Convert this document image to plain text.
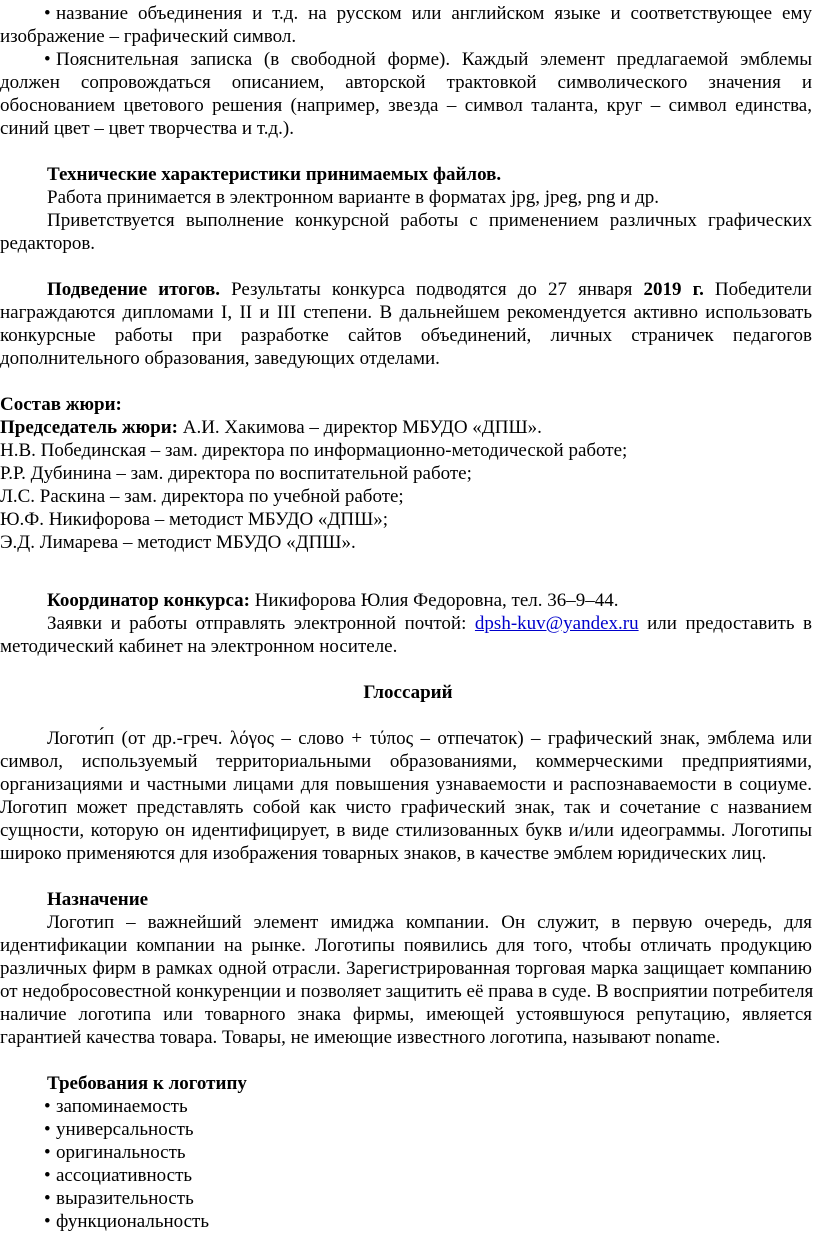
• название объединения и т.д. на русском или английском языке и соответствующее ему
изображение – графический символ.
• Пояснительная записка (в свободной форме). Каждый элемент предлагаемой эмблемы
должен сопровождаться описанием, авторской трактовкой символического значения и
обоснованием цветового решения (например, звезда – символ таланта, круг – символ единства,
синий цвет – цвет творчества и т.д.).
Технические характеристики принимаемых файлов.
Работа принимается в электронном варианте в форматах jpg, jpeg, png и др.
Приветствуется выполнение конкурсной работы с применением различных графических
редакторов.
Подведение итогов. Результаты конкурса подводятся до 27 января 2019 г. Победители
награждаются дипломами I, II и III степени. В дальнейшем рекомендуется активно использовать
конкурсные работы при разработке сайтов объединений, личных страничек педагогов
дополнительного образования, заведующих отделами.
Состав жюри:
Председатель жюри: А.И. Хакимова – директор МБУДО «ДПШ».
Н.В. Побединская – зам. директора по информационно-методической работе;
Р.Р. Дубинина – зам. директора по воспитательной работе;
Л.С. Раскина – зам. директора по учебной работе;
Ю.Ф. Никифорова – методист МБУДО «ДПШ»;
Э.Д. Лимарева – методист МБУДО «ДПШ».
Координатор конкурса: Никифорова Юлия Федоровна, тел. 36–9–44.
Заявки и работы отправлять электронной почтой: dpsh-kuv@yandex.ru или предоставить в
методический кабинет на электронном носителе.
Глоссарий
Логоти́п (от др.-греч. λόγος – слово + τύπος – отпечаток) – графический знак, эмблема или
символ, используемый территориальными образованиями, коммерческими предприятиями,
организациями и частными лицами для повышения узнаваемости и распознаваемости в социуме.
Логотип может представлять собой как чисто графический знак, так и сочетание с названием
сущности, которую он идентифицирует, в виде стилизованных букв и/или идеограммы. Логотипы
широко применяются для изображения товарных знаков, в качестве эмблем юридических лиц.
Назначение
Логотип – важнейший элемент имиджа компании. Он служит, в первую очередь, для
идентификации компании на рынке. Логотипы появились для того, чтобы отличать продукцию
различных фирм в рамках одной отрасли. Зарегистрированная торговая марка защищает компанию
от недобросовестной конкуренции и позволяет защитить её права в суде. В восприятии потребителя
наличие логотипа или товарного знака фирмы, имеющей устоявшуюся репутацию, является
гарантией качества товара. Товары, не имеющие известного логотипа, называют noname.
Требования к логотипу
• запоминаемость
• универсальность
• оригинальность
• ассоциативность
• выразительность
• функциональность
